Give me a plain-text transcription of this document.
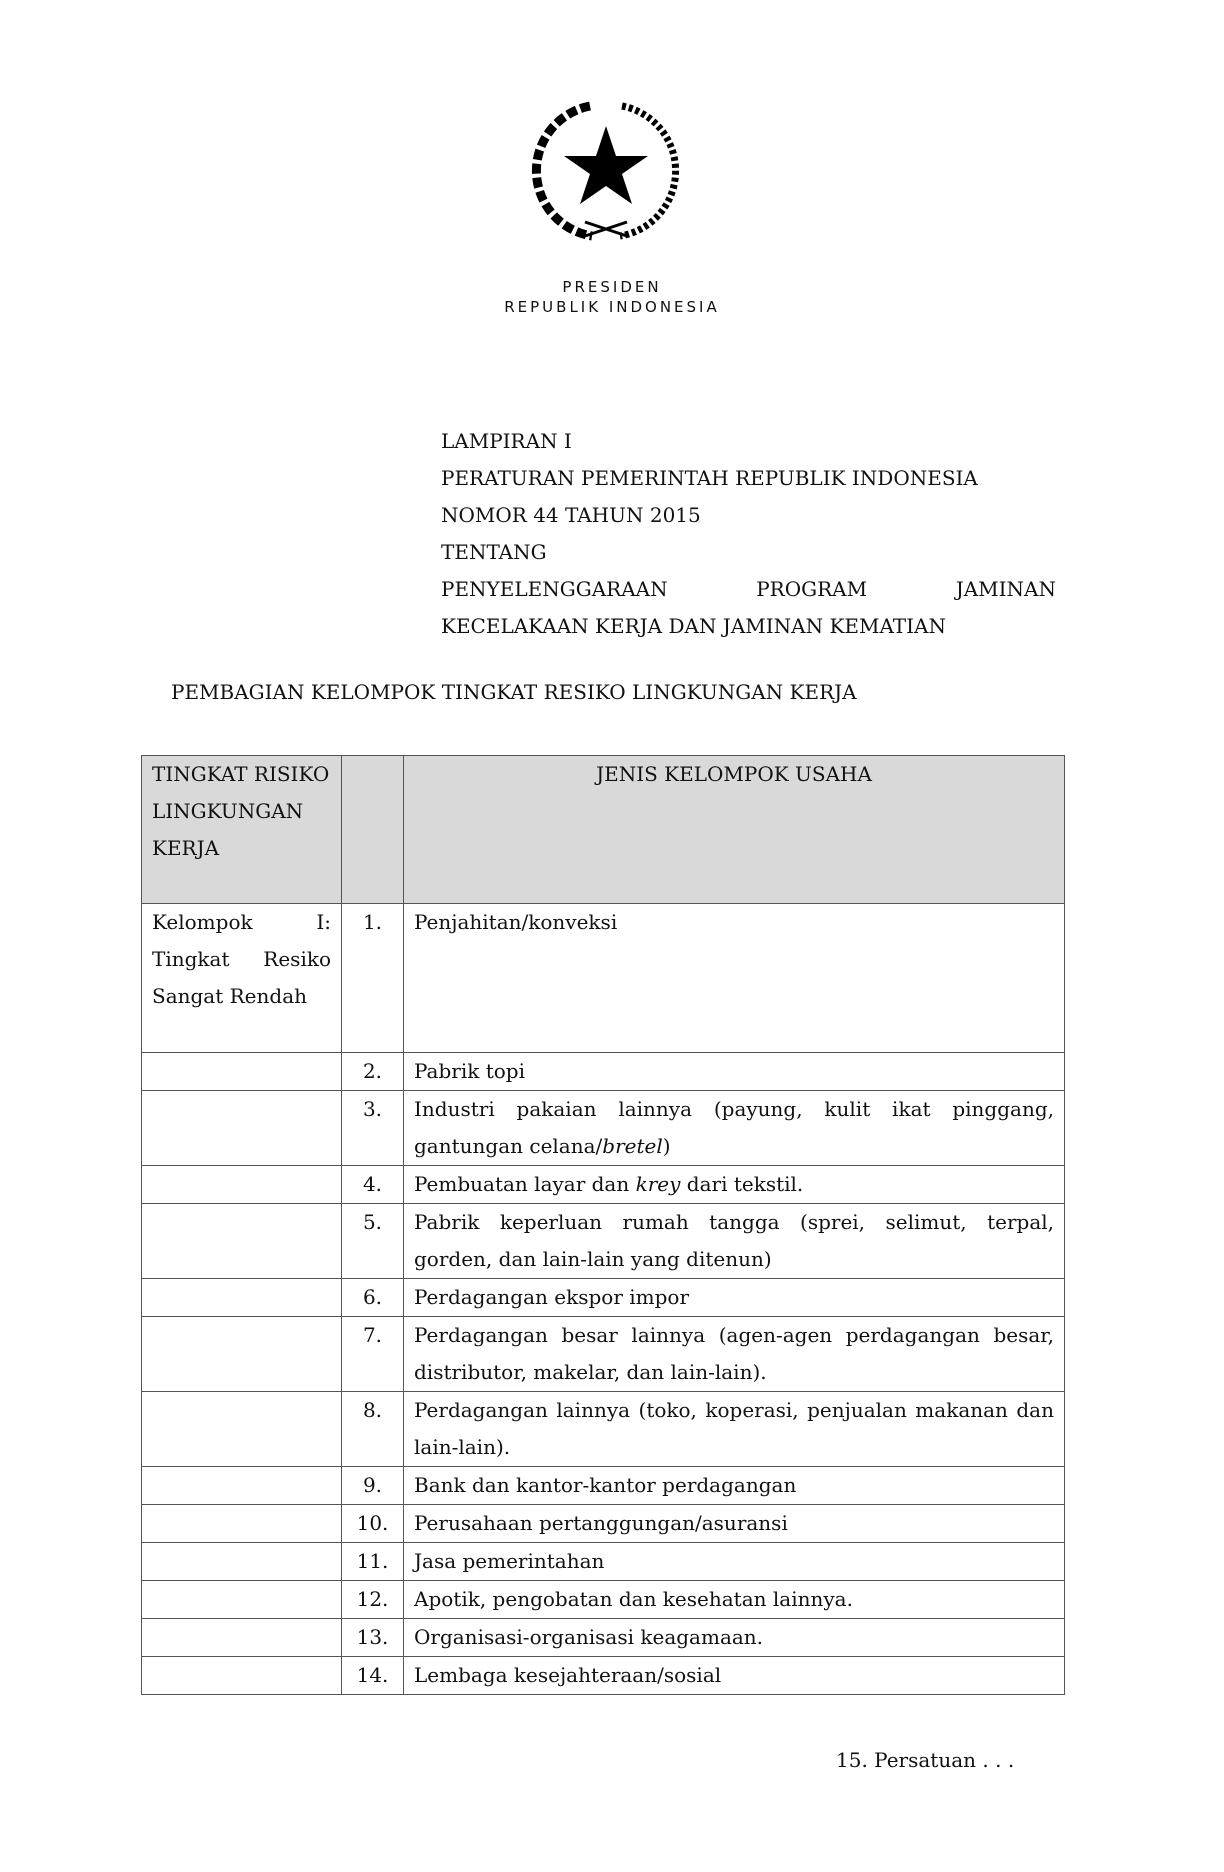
PRESIDEN
REPUBLIK INDONESIA
LAMPIRAN I
PERATURAN PEMERINTAH REPUBLIK INDONESIA
NOMOR 44 TAHUN 2015
TENTANG
PENYELENGGARAAN PROGRAM JAMINAN
KECELAKAAN KERJA DAN JAMINAN KEMATIAN
PEMBAGIAN KELOMPOK TINGKAT RESIKO LINGKUNGAN KERJA
TINGKAT RISIKO LINGKUNGAN KERJA		JENIS KELOMPOK USAHA
Kelompok I: Tingkat Resiko Sangat Rendah	1.	Penjahitan/konveksi
	2.	Pabrik topi
	3.	Industri pakaian lainnya (payung, kulit ikat pinggang, gantungan celana/bretel)
	4.	Pembuatan layar dan krey dari tekstil.
	5.	Pabrik keperluan rumah tangga (sprei, selimut, terpal, gorden, dan lain-lain yang ditenun)
	6.	Perdagangan ekspor impor
	7.	Perdagangan besar lainnya (agen-agen perdagangan besar, distributor, makelar, dan lain-lain).
	8.	Perdagangan lainnya (toko, koperasi, penjualan makanan dan lain-lain).
	9.	Bank dan kantor-kantor perdagangan
	10.	Perusahaan pertanggungan/asuransi
	11.	Jasa pemerintahan
	12.	Apotik, pengobatan dan kesehatan lainnya.
	13.	Organisasi-organisasi keagamaan.
	14.	Lembaga kesejahteraan/sosial
15. Persatuan . . .
